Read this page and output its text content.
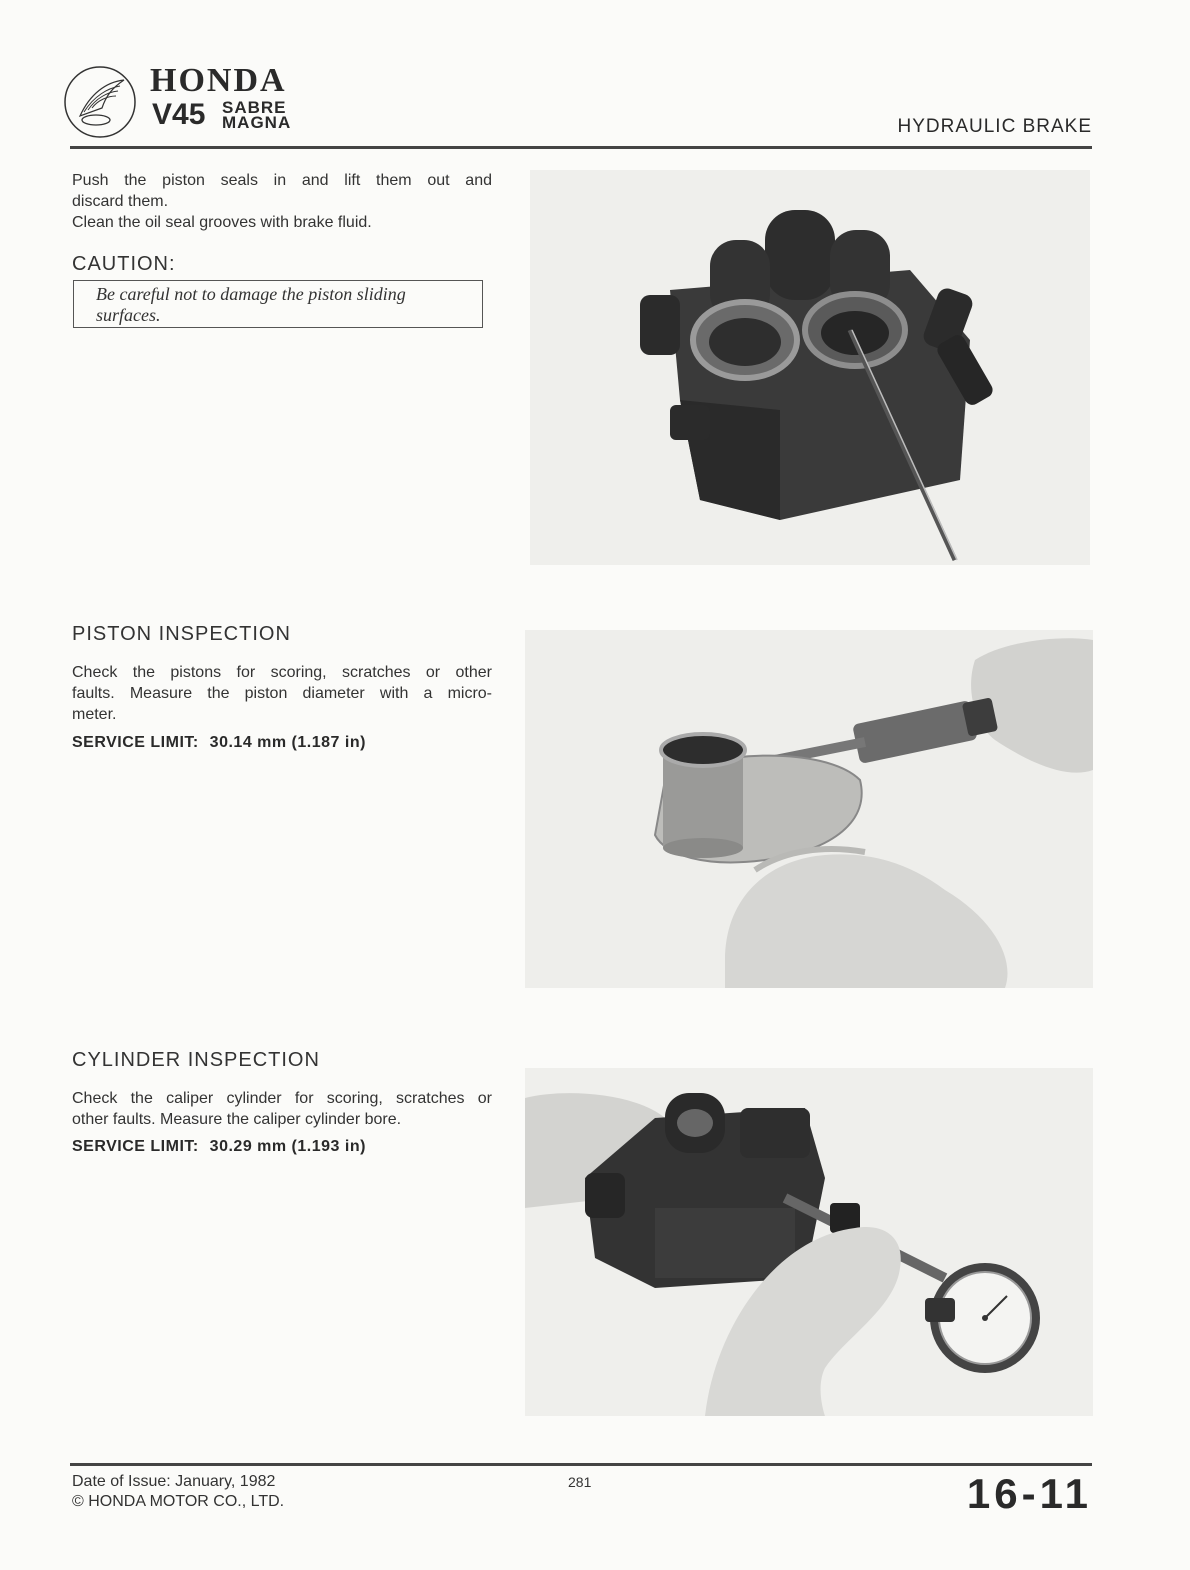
HONDA
V45 SABRE
MAGNA	HYDRAULIC BRAKE
Push the piston seals in and lift them out and
discard them.
Clean the oil seal grooves with brake fluid.
CAUTION:
Be careful not to damage the piston sliding
surfaces.
PISTON INSPECTION
Check the pistons for scoring, scratches or other
faults. Measure the piston diameter with a micro-
meter.
SERVICE LIMIT: 30.14 mm (1.187 in)
CYLINDER INSPECTION
Check the caliper cylinder for scoring, scratches or
other faults. Measure the caliper cylinder bore.
SERVICE LIMIT: 30.29 mm (1.193 in)
Date of Issue: January, 1982
© HONDA MOTOR CO., LTD.
281	16-11
